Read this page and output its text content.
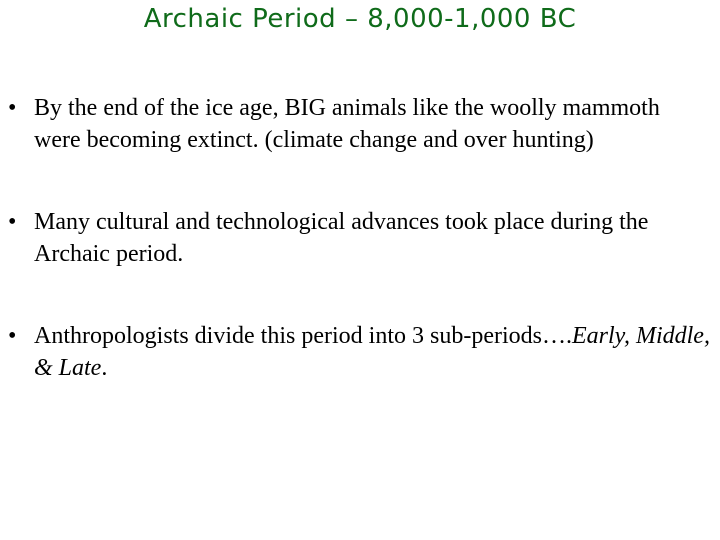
Archaic Period – 8,000-1,000 BC
• By the end of the ice age, BIG animals like the woolly mammoth were becoming extinct. (climate change and over hunting)
• Many cultural and technological advances took place during the Archaic period.
• Anthropologists divide this period into 3 sub-periods….Early, Middle, & Late.
